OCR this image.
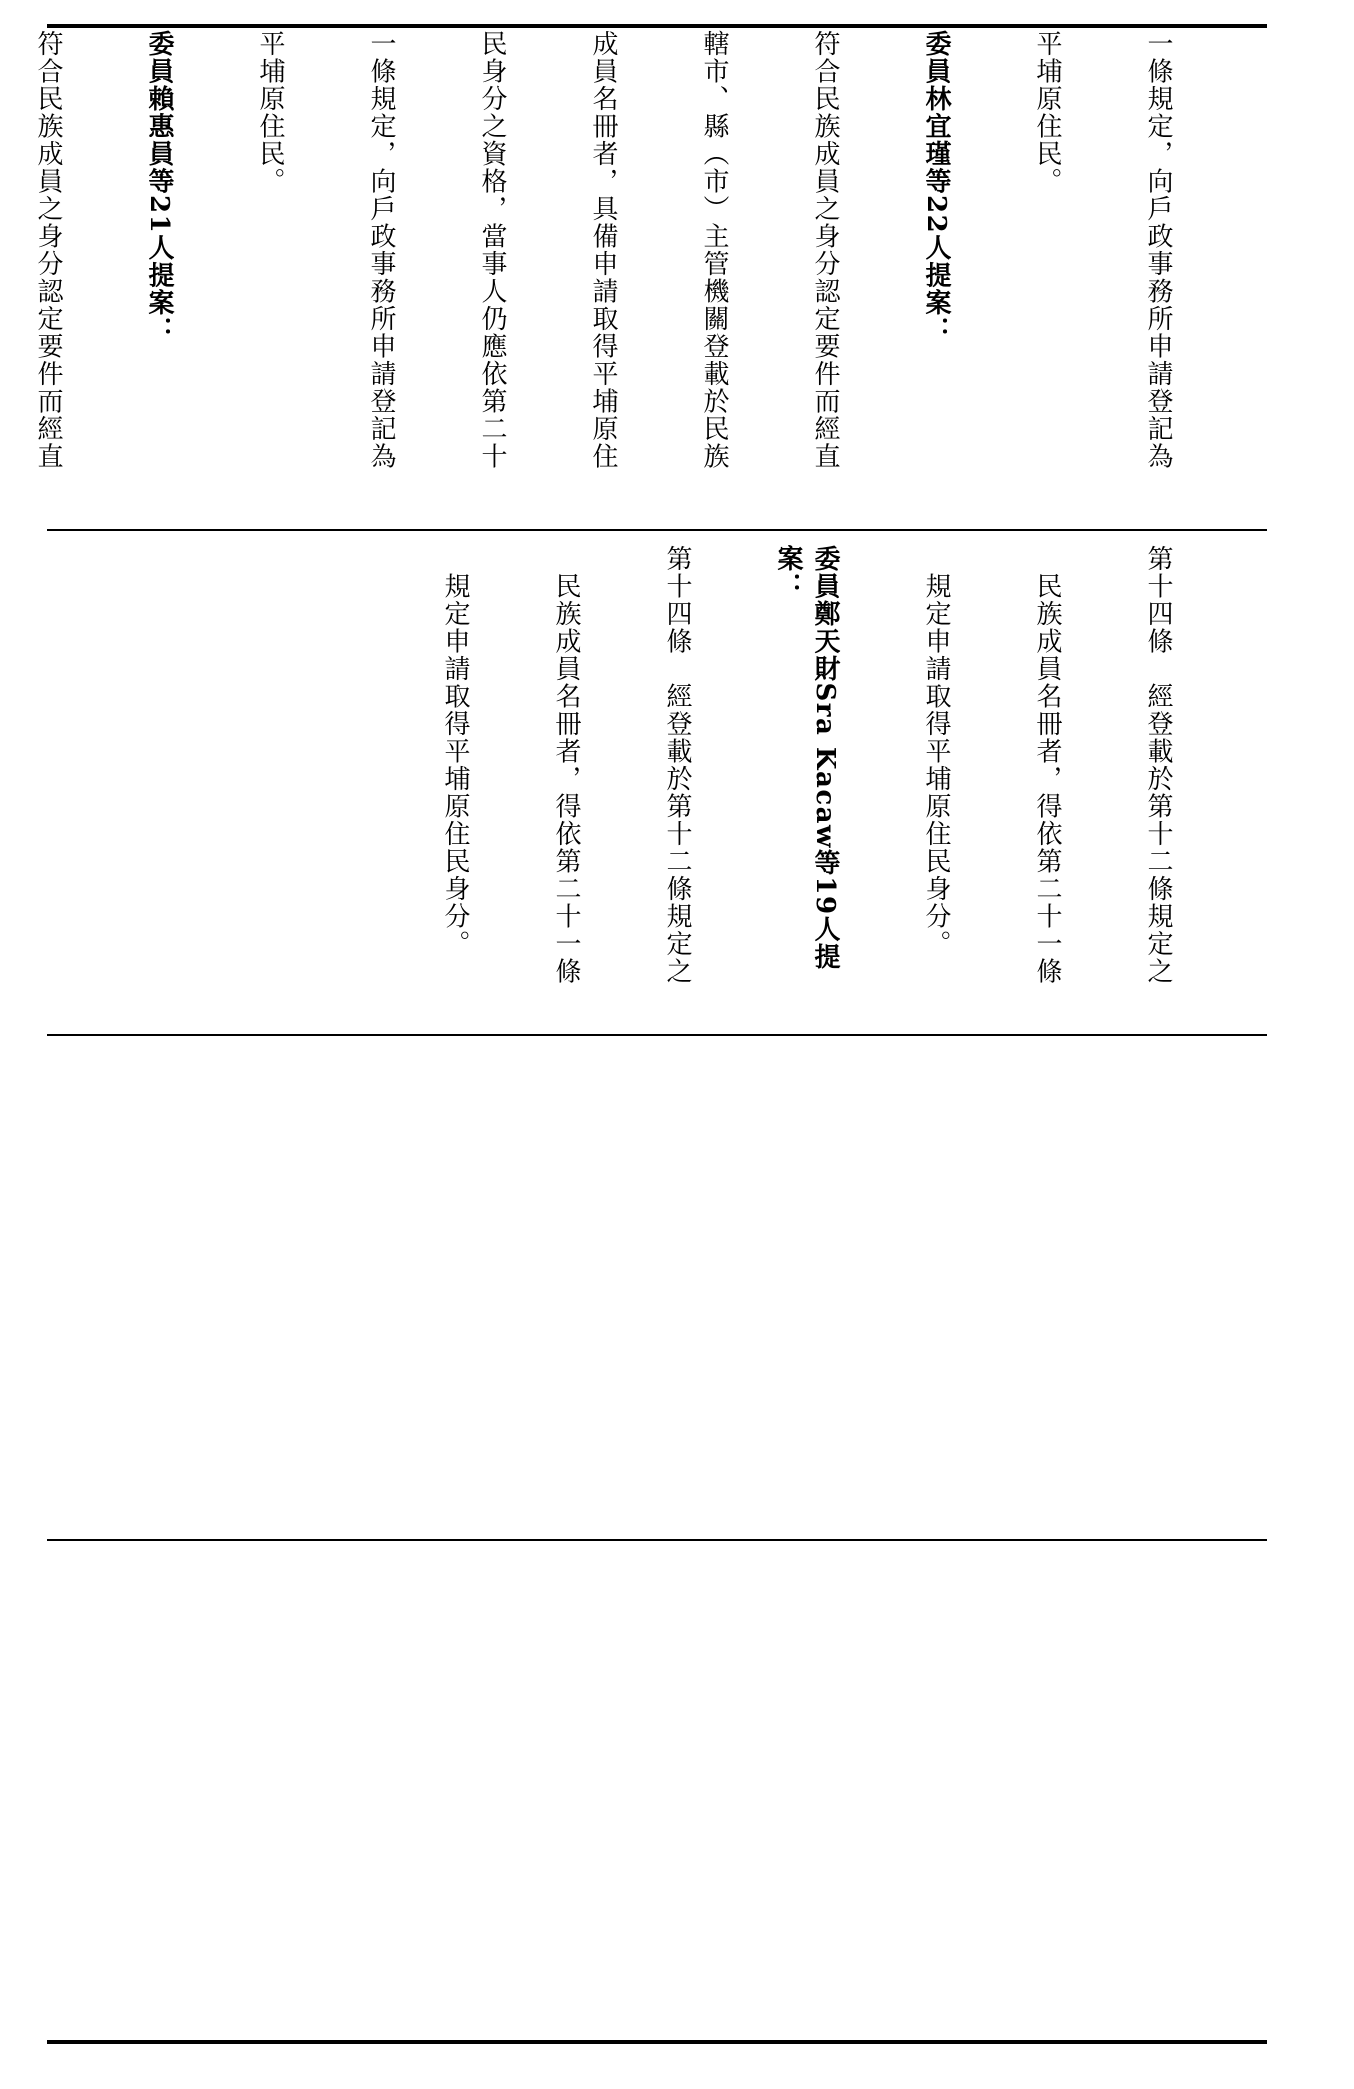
一條規定，向戶政事務所申請登記為

平埔原住民。

委員林宜瑾等22人提案：

符合民族成員之身分認定要件而經直

轄市、縣（市）主管機關登載於民族

成員名冊者，具備申請取得平埔原住

民身分之資格，當事人仍應依第二十

一條規定，向戶政事務所申請登記為

平埔原住民。

委員賴惠員等21人提案：

符合民族成員之身分認定要件而經直

第十四條　經登載於第十二條規定之

　民族成員名冊者，得依第二十一條

　規定申請取得平埔原住民身分。

委員鄭天財Sra Kacaw等19人提案：

第十四條　經登載於第十二條規定之

　民族成員名冊者，得依第二十一條

　規定申請取得平埔原住民身分。
